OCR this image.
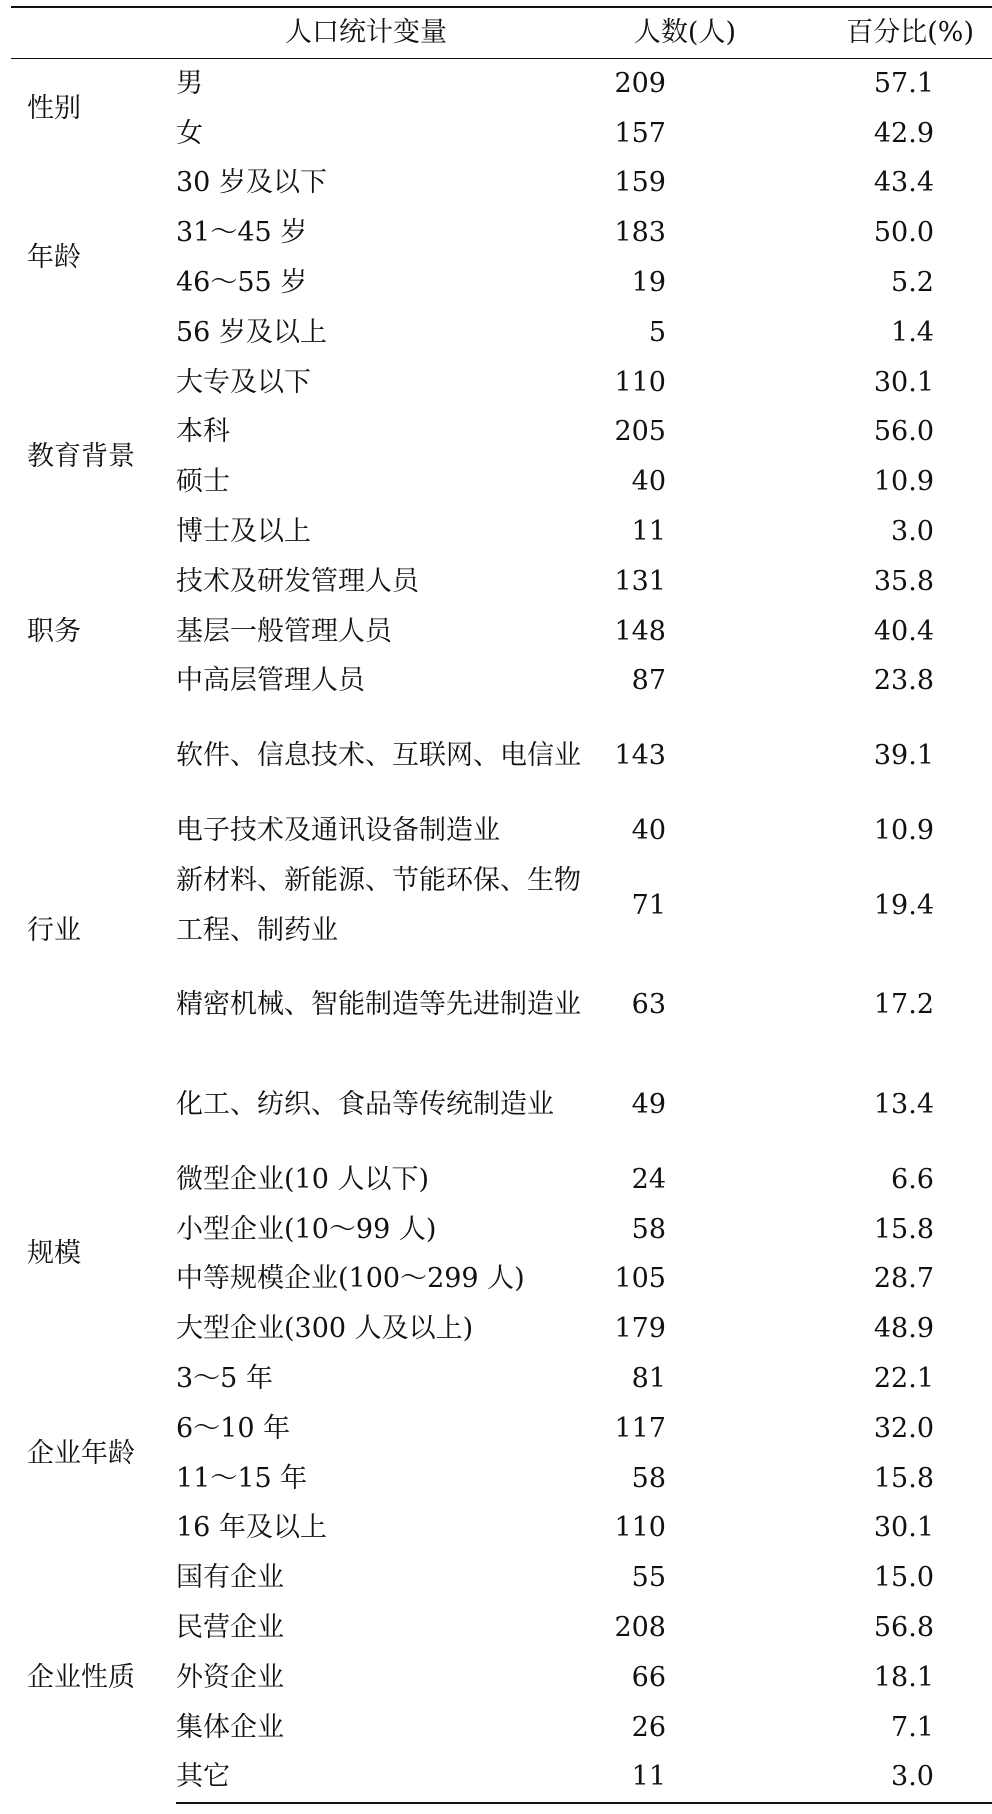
人口统计变量		人数(人)	百分比(%)
性别	男	209	57.1
	女	157	42.9
年龄	30 岁及以下	159	43.4
	31～45 岁	183	50.0
	46～55 岁	19	5.2
	56 岁及以上	5	1.4
教育背景	大专及以下	110	30.1
	本科	205	56.0
	硕士	40	10.9
	博士及以上	11	3.0
职务	技术及研发管理人员	131	35.8
	基层一般管理人员	148	40.4
	中高层管理人员	87	23.8
行业	软件、信息技术、互联网、电信业	143	39.1
	电子技术及通讯设备制造业	40	10.9

	新材料、新能源、节能环保、生物工程、制药业	71	19.4

	精密机械、智能制造等先进制造业	63	17.2

	化工、纺织、食品等传统制造业	49	13.4
规模	微型企业(10 人以下)	24	6.6
	小型企业(10～99 人)	58	15.8
	中等规模企业(100～299 人)	105	28.7
	大型企业(300 人及以上)	179	48.9
企业年龄	3～5 年	81	22.1
	6～10 年	117	32.0
	11～15 年	58	15.8
	16 年及以上	110	30.1
企业性质	国有企业	55	15.0
	民营企业	208	56.8
	外资企业	66	18.1
	集体企业	26	7.1
	其它	11	3.0
